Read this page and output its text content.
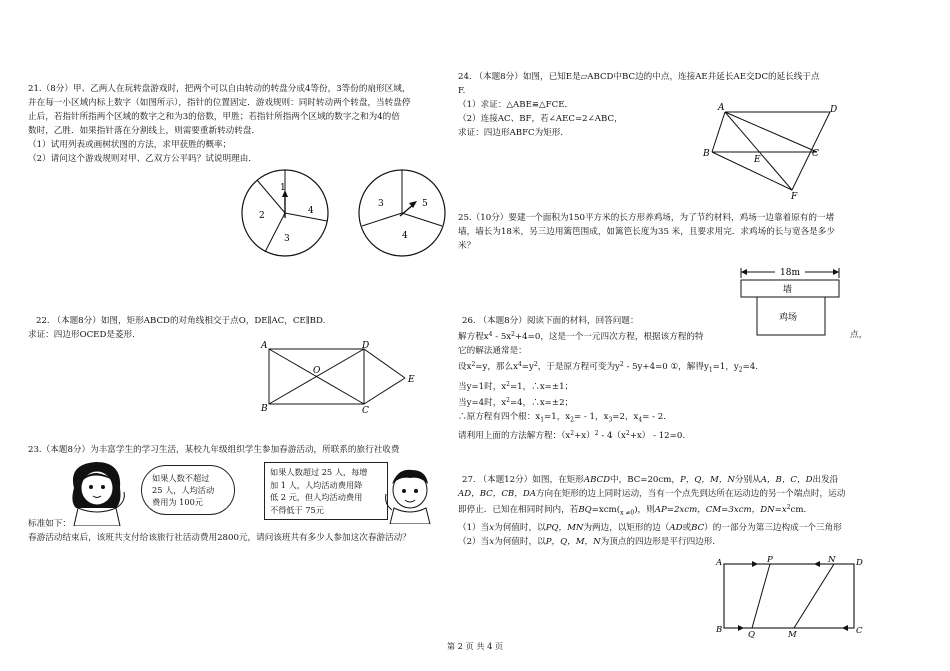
21.（8分）甲、乙两人在玩转盘游戏时，把两个可以自由转动的转盘分成4等份，3等份的扇形区域，

并在每一小区域内标上数字（如图所示），指针的位置固定．游戏规则：同时转动两个转盘，当转盘停

止后，若指针所指两个区域的数字之和为3的倍数，甲胜；若指针所指两个区域的数字之和为4的倍

数时，乙胜．如果指针落在分割线上，则需要重新转动转盘．

（1）试用列表或画树状图的方法，求甲获胜的概率；

（2）请问这个游戏规则对甲、乙双方公平吗？试说明理由．

1
4
3
2
3	5
4

22. （本题8分）如图，矩形ABCD的对角线相交于点O，DE∥AC，CE∥BD.

求证：四边形OCED是菱形.

A	D
O
E
B	C

23.（本题8分）为丰富学生的学习生活，某校九年级组织学生参加春游活动，所联系的旅行社收费

如果人数不超过
25 人，人均活动
费用为 100元
如果人数超过 25 人，每增
加 1 人，人均活动费用降
低 2 元，但人均活动费用
不得低于 75元

标准如下：

春游活动结束后，该班共支付给该旅行社活动费用2800元，请问该班共有多少人参加这次春游活动？

24. （本题8分）如图，已知E是▱ABCD中BC边的中点，连接AE并延长AE交DC的延长线于点

F.

（1）求证：△ABE≌△FCE．

（2）连接AC、BF，若∠AEC=2∠ABC，

求证：四边形ABFC为矩形．

A	D
B
E
C
F

25.（10分）要建一个面积为150平方米的长方形养鸡场，为了节约材料，鸡场一边靠着原有的一堵

墙，墙长为18米，另三边用篱笆围成，如篱笆长度为35 米，且要求用完．求鸡场的长与宽各是多少

米？

18m
墙
鸡场

26. （本题8分）阅读下面的材料，回答问题：

解方程$x^4 - 5x^2+4=0$，这是一个一元四次方程，根据该方程的特	点，

它的解法通常是：

设$x^2=y$，那么$x^4=y^2$，于是原方程可变为$y^2 - 5y+4=0$ ①，解得$y_1=1$，$y_2=4$.

当y=1时，$x^2=1$，∴x=±1；

当y=4时，$x^2=4$，∴x=±2；

∴原方程有四个根：$x_1=1$，$x_2= - 1$，$x_3=2$，$x_4= - 2$.

请利用上面的方法解方程：$(x^2+x)^2 - 4(x^2+x) - 12=0$.

27. （本题12分）如图，在矩形ABCD中，BC=20cm，P，Q，M，N分别从A，B，C，D出发沿

AD，BC，CB，DA方向在矩形的边上同时运动，当有一个点先到达所在运动边的另一个端点时，运动

即停止．已知在相同时间内，若$BQ=xcm(_{x \ne 0})$，则AP=2xcm，CM=3xcm，$DN=x^2cm$．

（1）当x为何值时，以PQ，MN为两边，以矩形的边（AD或BC）的一部分为第三边构成一个三角形

（2）当x为何值时，以P，Q，M，N为顶点的四边形是平行四边形．

A	P	N D
B	Q	M	C
第 2 页 共 4 页
